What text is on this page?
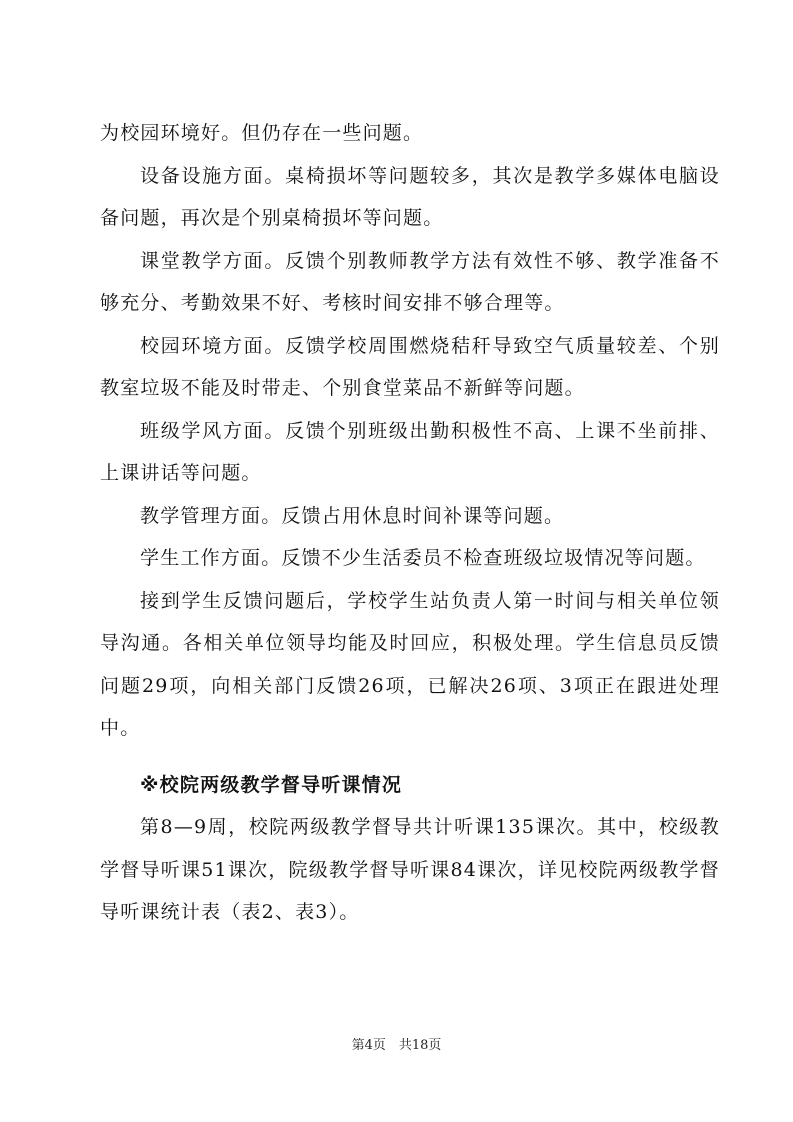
为校园环境好。但仍存在一些问题。

设备设施方面。桌椅损坏等问题较多，其次是教学多媒体电脑设备问题，再次是个别桌椅损坏等问题。

课堂教学方面。反馈个别教师教学方法有效性不够、教学准备不够充分、考勤效果不好、考核时间安排不够合理等。

校园环境方面。反馈学校周围燃烧秸秆导致空气质量较差、个别教室垃圾不能及时带走、个别食堂菜品不新鲜等问题。

班级学风方面。反馈个别班级出勤积极性不高、上课不坐前排、上课讲话等问题。

教学管理方面。反馈占用休息时间补课等问题。

学生工作方面。反馈不少生活委员不检查班级垃圾情况等问题。

接到学生反馈问题后，学校学生站负责人第一时间与相关单位领导沟通。各相关单位领导均能及时回应，积极处理。学生信息员反馈问题29项，向相关部门反馈26项，已解决26项、3项正在跟进处理中。

※校院两级教学督导听课情况

第8—9周，校院两级教学督导共计听课135课次。其中，校级教学督导听课51课次，院级教学督导听课84课次，详见校院两级教学督导听课统计表（表2、表3）。

第4页　共18页
